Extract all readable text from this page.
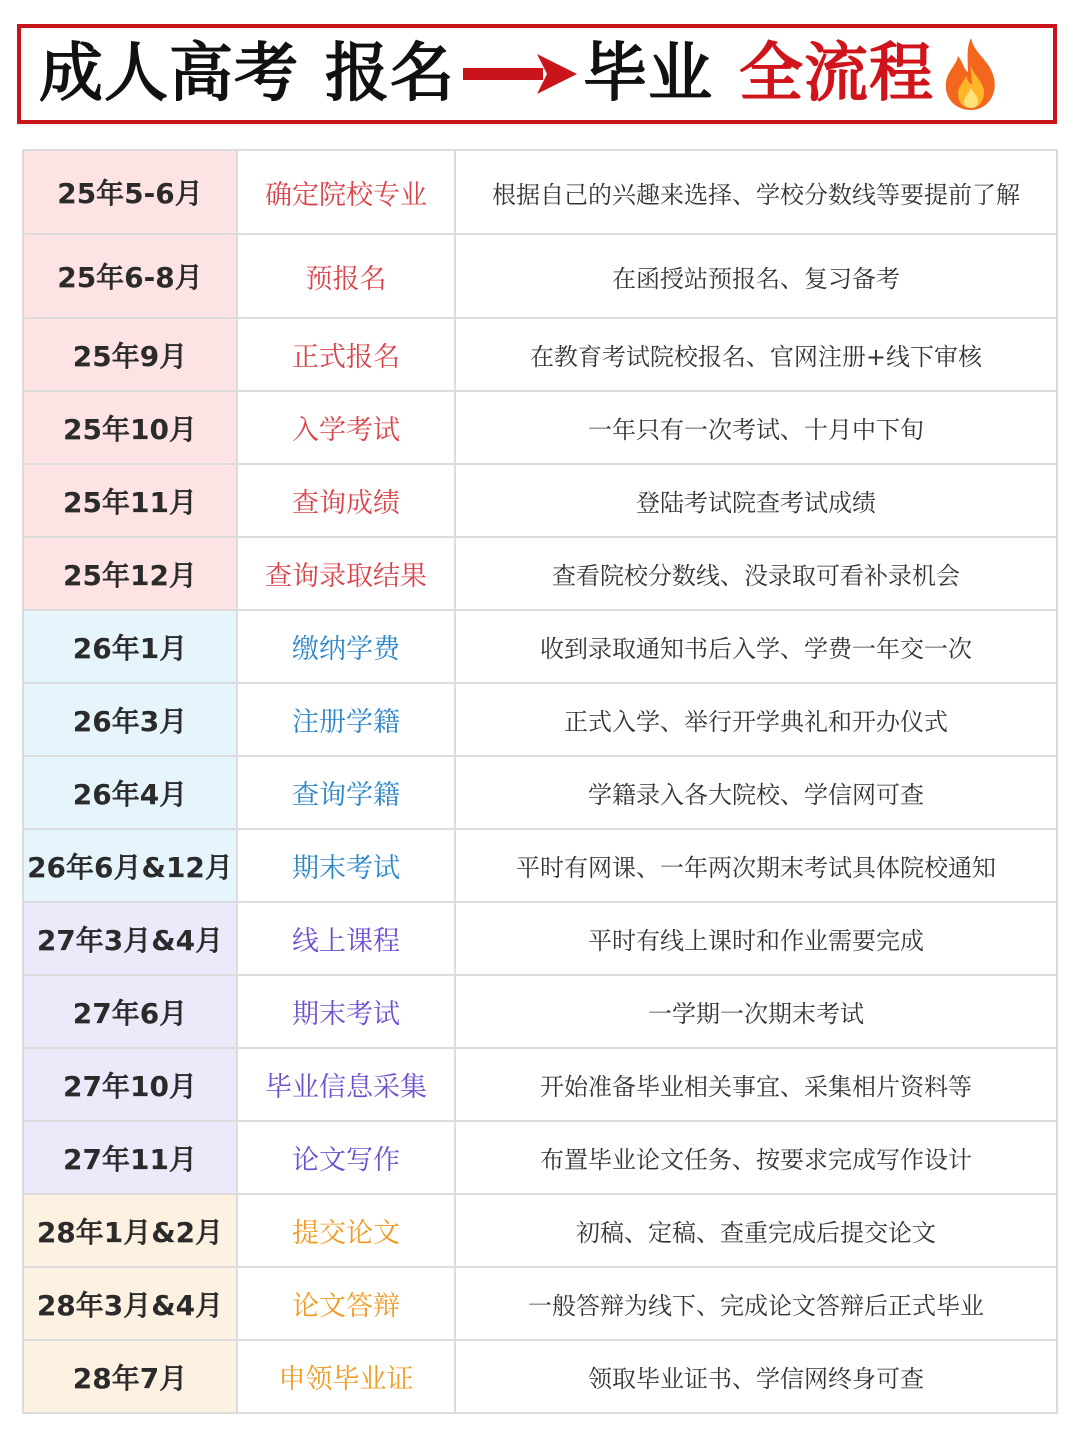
成人高考 报名 毕业 全流程
25年5-6月	确定院校专业	根据自己的兴趣来选择、学校分数线等要提前了解
25年6-8月	预报名	在函授站预报名、复习备考
25年9月	正式报名	在教育考试院校报名、官网注册+线下审核
25年10月	入学考试	一年只有一次考试、十月中下旬
25年11月	查询成绩	登陆考试院查考试成绩
25年12月	查询录取结果	查看院校分数线、没录取可看补录机会
26年1月	缴纳学费	收到录取通知书后入学、学费一年交一次
26年3月	注册学籍	正式入学、举行开学典礼和开办仪式
26年4月	查询学籍	学籍录入各大院校、学信网可查
26年6月&12月	期末考试	平时有网课、一年两次期末考试具体院校通知
27年3月&4月	线上课程	平时有线上课时和作业需要完成
27年6月	期末考试	一学期一次期末考试
27年10月	毕业信息采集	开始准备毕业相关事宜、采集相片资料等
27年11月	论文写作	布置毕业论文任务、按要求完成写作设计
28年1月&2月	提交论文	初稿、定稿、查重完成后提交论文
28年3月&4月	论文答辩	一般答辩为线下、完成论文答辩后正式毕业
28年7月	申领毕业证	领取毕业证书、学信网终身可查
